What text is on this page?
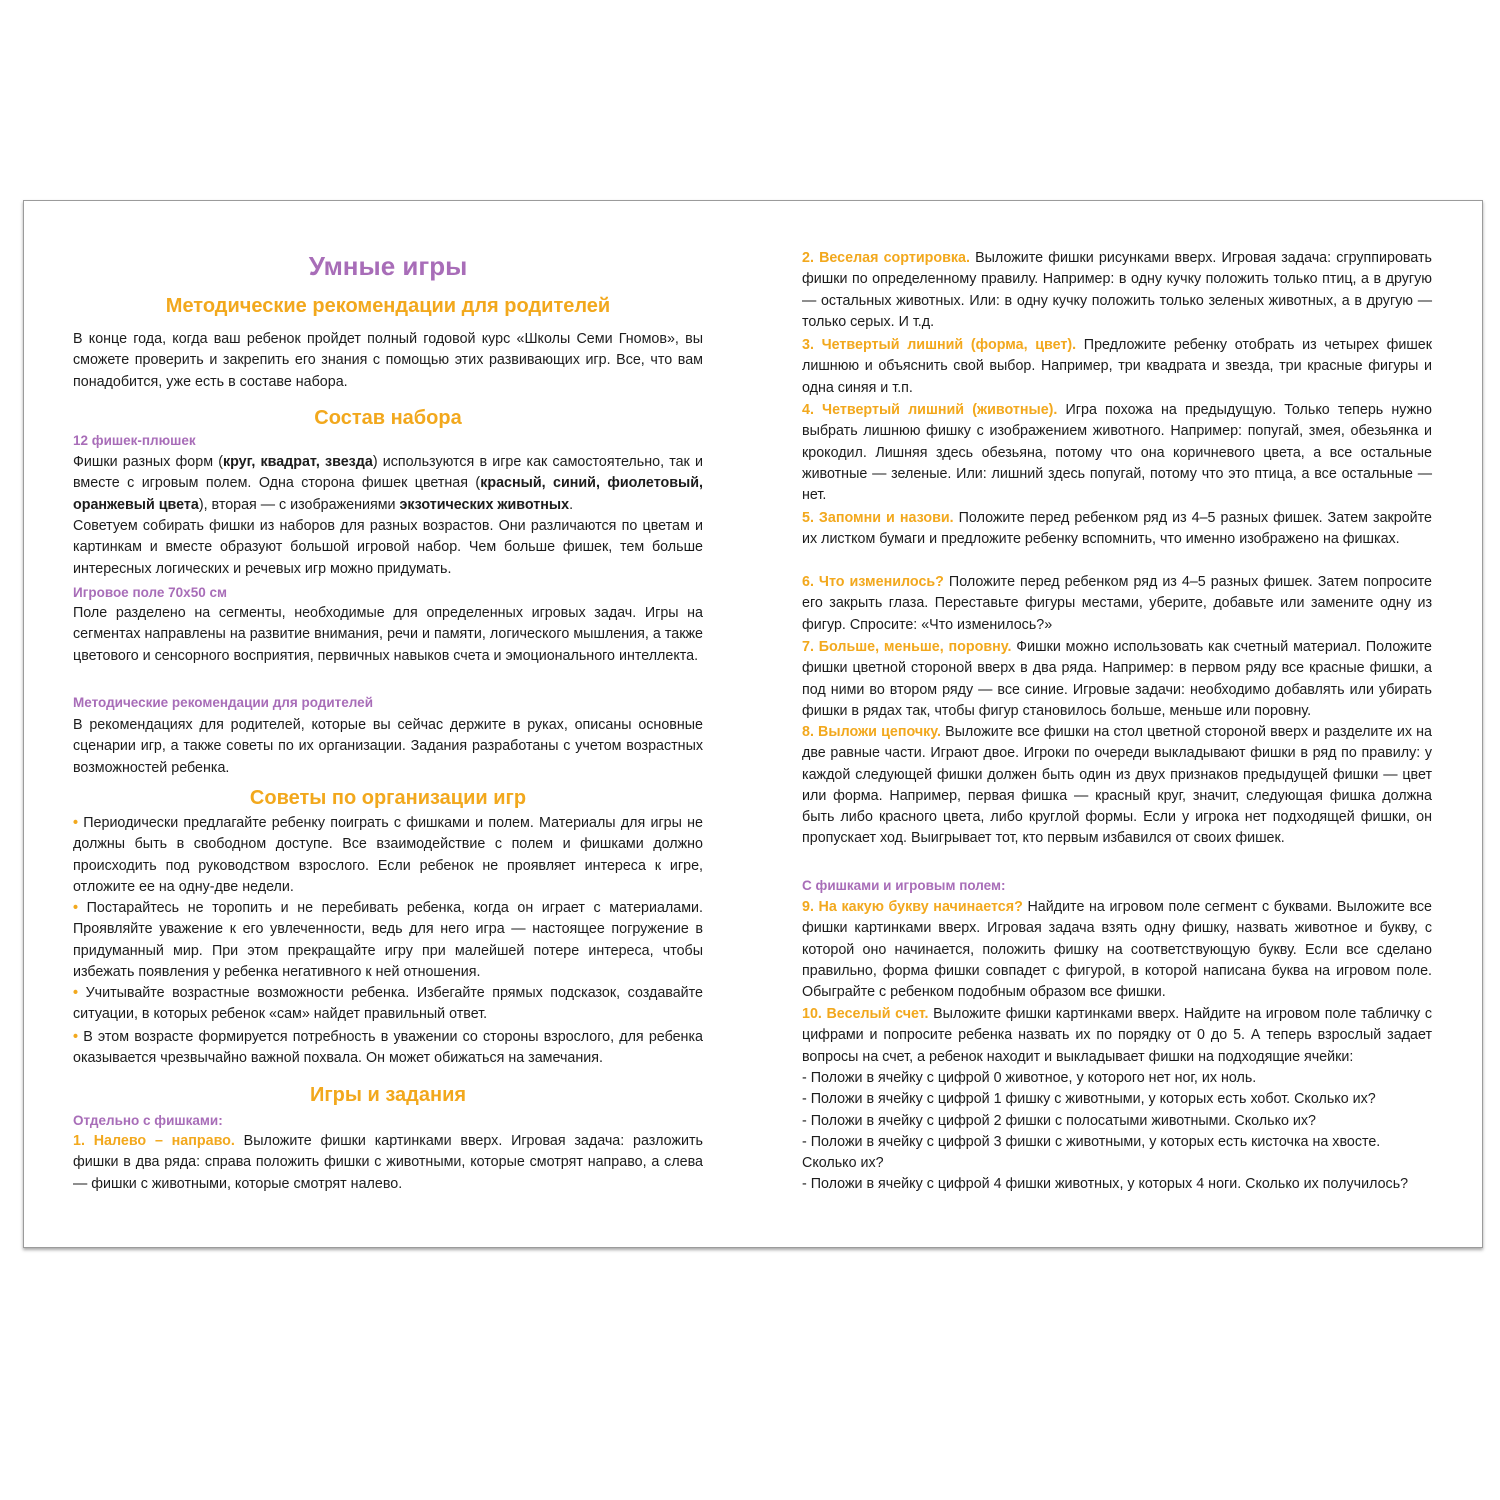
Умные игры
Методические рекомендации для родителей

В конце года, когда ваш ребенок пройдет полный годовой курс «Школы Семи Гномов», вы сможете проверить и закрепить его знания с помощью этих развивающих игр. Все, что вам понадобится, уже есть в составе набора.

Состав набора
12 фишек-плюшек

Фишки разных форм (круг, квадрат, звезда) используются в игре как самостоятельно, так и вместе с игровым полем. Одна сторона фишек цветная (красный, синий, фиолетовый, оранжевый цвета), вторая — с изображениями экзотических животных.

Советуем собирать фишки из наборов для разных возрастов. Они различаются по цветам и картинкам и вместе образуют большой игровой набор. Чем больше фишек, тем больше интересных логических и речевых игр можно придумать.

Игровое поле 70х50 см

Поле разделено на сегменты, необходимые для определенных игровых задач. Игры на сегментах направлены на развитие внимания, речи и памяти, логического мышления, а также цветового и сенсорного восприятия, первичных навыков счета и эмоционального интеллекта.

Методические рекомендации для родителей

В рекомендациях для родителей, которые вы сейчас держите в руках, описаны основные сценарии игр, а также советы по их организации. Задания разработаны с учетом возрастных возможностей ребенка.

Советы по организации игр

• Периодически предлагайте ребенку поиграть с фишками и полем. Материалы для игры не должны быть в свободном доступе. Все взаимодействие с полем и фишками должно происходить под руководством взрослого. Если ребенок не проявляет интереса к игре, отложите ее на одну-две недели.

• Постарайтесь не торопить и не перебивать ребенка, когда он играет с материалами. Проявляйте уважение к его увлеченности, ведь для него игра — настоящее погружение в придуманный мир. При этом прекращайте игру при малейшей потере интереса, чтобы избежать появления у ребенка негативного к ней отношения.

• Учитывайте возрастные возможности ребенка. Избегайте прямых подсказок, создавайте ситуации, в которых ребенок «сам» найдет правильный ответ.

• В этом возрасте формируется потребность в уважении со стороны взрослого, для ребенка оказывается чрезвычайно важной похвала. Он может обижаться на замечания.

Игры и задания
Отдельно с фишками:

1. Налево – направо. Выложите фишки картинками вверх. Игровая задача: разложить фишки в два ряда: справа положить фишки с животными, которые смотрят направо, а слева — фишки с животными, которые смотрят налево.

2. Веселая сортировка. Выложите фишки рисунками вверх. Игровая задача: сгруппировать фишки по определенному правилу. Например: в одну кучку положить только птиц, а в другую — остальных животных. Или: в одну кучку положить только зеленых животных, а в другую — только серых. И т.д.

3. Четвертый лишний (форма, цвет). Предложите ребенку отобрать из четырех фишек лишнюю и объяснить свой выбор. Например, три квадрата и звезда, три красные фигуры и одна синяя и т.п.

4. Четвертый лишний (животные). Игра похожа на предыдущую. Только теперь нужно выбрать лишнюю фишку с изображением животного. Например: попугай, змея, обезьянка и крокодил. Лишняя здесь обезьяна, потому что она коричневого цвета, а все остальные животные — зеленые. Или: лишний здесь попугай, потому что это птица, а все остальные — нет.

5. Запомни и назови. Положите перед ребенком ряд из 4–5 разных фишек. Затем закройте их листком бумаги и предложите ребенку вспомнить, что именно изображено на фишках.

6. Что изменилось? Положите перед ребенком ряд из 4–5 разных фишек. Затем попросите его закрыть глаза. Переставьте фигуры местами, уберите, добавьте или замените одну из фигур. Спросите: «Что изменилось?»

7. Больше, меньше, поровну. Фишки можно использовать как счетный материал. Положите фишки цветной стороной вверх в два ряда. Например: в первом ряду все красные фишки, а под ними во втором ряду — все синие. Игровые задачи: необходимо добавлять или убирать фишки в рядах так, чтобы фигур становилось больше, меньше или поровну.

8. Выложи цепочку. Выложите все фишки на стол цветной стороной вверх и разделите их на две равные части. Играют двое. Игроки по очереди выкладывают фишки в ряд по правилу: у каждой следующей фишки должен быть один из двух признаков предыдущей фишки — цвет или форма. Например, первая фишка — красный круг, значит, следующая фишка должна быть либо красного цвета, либо круглой формы. Если у игрока нет подходящей фишки, он пропускает ход. Выигрывает тот, кто первым избавился от своих фишек.

С фишками и игровым полем:

9. На какую букву начинается? Найдите на игровом поле сегмент с буквами. Выложите все фишки картинками вверх. Игровая задача взять одну фишку, назвать животное и букву, с которой оно начинается, положить фишку на соответствующую букву. Если все сделано правильно, форма фишки совпадет с фигурой, в которой написана буква на игровом поле. Обыграйте с ребенком подобным образом все фишки.

10. Веселый счет. Выложите фишки картинками вверх. Найдите на игровом поле табличку с цифрами и попросите ребенка назвать их по порядку от 0 до 5. А теперь взрослый задает вопросы на счет, а ребенок находит и выкладывает фишки на подходящие ячейки:

- Положи в ячейку с цифрой 0 животное, у которого нет ног, их ноль.

- Положи в ячейку с цифрой 1 фишку с животными, у которых есть хобот. Сколько их?

- Положи в ячейку с цифрой 2 фишки с полосатыми животными. Сколько их?

- Положи в ячейку с цифрой 3 фишки с животными, у которых есть кисточка на хвосте. Сколько их?

- Положи в ячейку с цифрой 4 фишки животных, у которых 4 ноги. Сколько их получилось?
